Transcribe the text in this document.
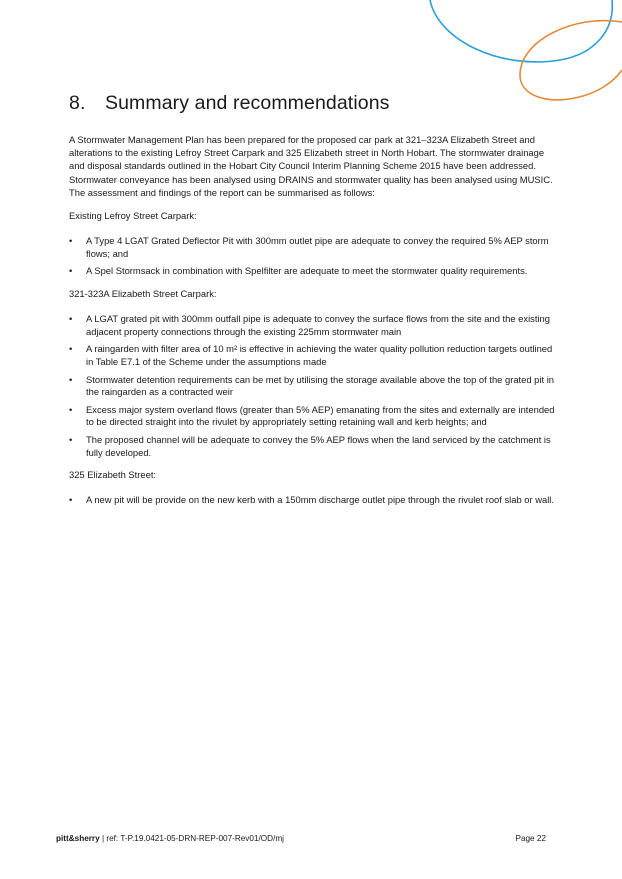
8. Summary and recommendations

A Stormwater Management Plan has been prepared for the proposed car park at 321–323A Elizabeth Street and alterations to the existing Lefroy Street Carpark and 325 Elizabeth street in North Hobart. The stormwater drainage and disposal standards outlined in the Hobart City Council Interim Planning Scheme 2015 have been addressed. Stormwater conveyance has been analysed using DRAINS and stormwater quality has been analysed using MUSIC. The assessment and findings of the report can be summarised as follows:

Existing Lefroy Street Carpark:

• A Type 4 LGAT Grated Deflector Pit with 300mm outlet pipe are adequate to convey the required 5% AEP storm flows; and
• A Spel Stormsack in combination with Spelfilter are adequate to meet the stormwater quality requirements.

321-323A Elizabeth Street Carpark:

• A LGAT grated pit with 300mm outfall pipe is adequate to convey the surface flows from the site and the existing adjacent property connections through the existing 225mm stormwater main
• A raingarden with filter area of 10 m² is effective in achieving the water quality pollution reduction targets outlined in Table E7.1 of the Scheme under the assumptions made
• Stormwater detention requirements can be met by utilising the storage available above the top of the grated pit in the raingarden as a contracted weir
• Excess major system overland flows (greater than 5% AEP) emanating from the sites and externally are intended to be directed straight into the rivulet by appropriately setting retaining wall and kerb heights; and
• The proposed channel will be adequate to convey the 5% AEP flows when the land serviced by the catchment is fully developed.

325 Elizabeth Street:

• A new pit will be provide on the new kerb with a 150mm discharge outlet pipe through the rivulet roof slab or wall.
pitt&sherry | ref: T-P.19.0421-05-DRN-REP-007-Rev01/OD/mj	Page 22
